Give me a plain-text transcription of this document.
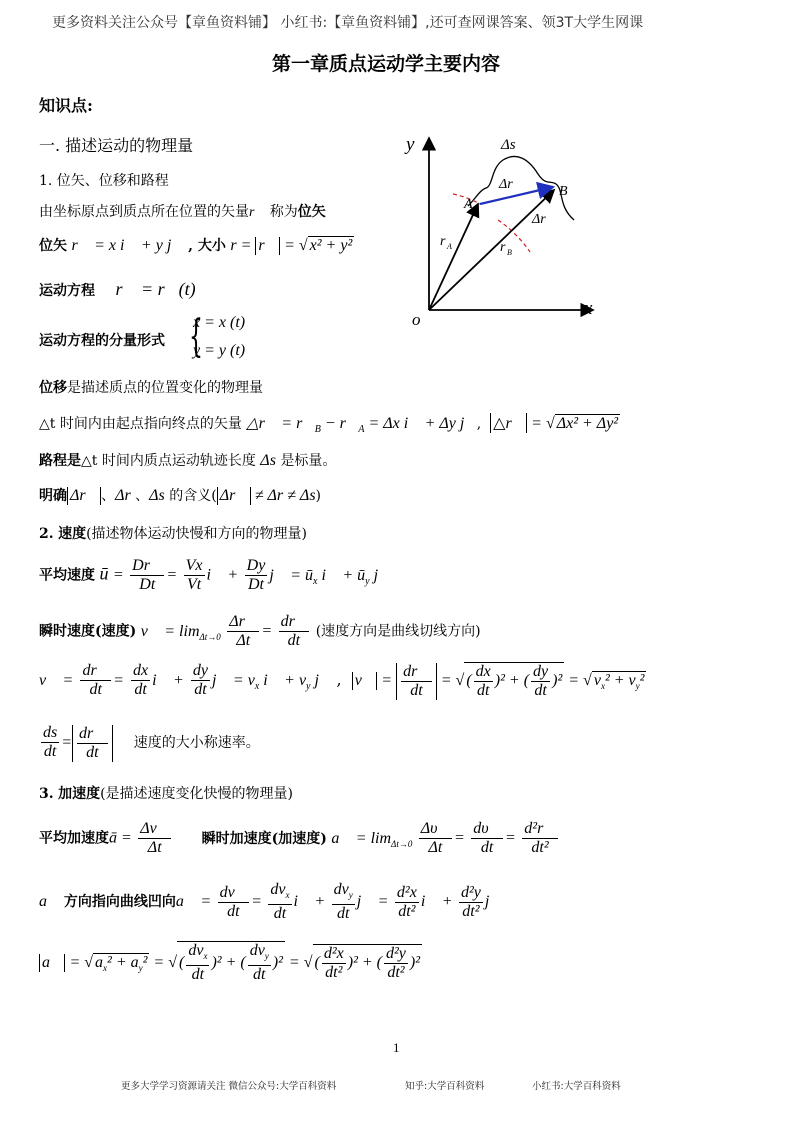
更多资料关注公众号【章鱼资料铺】 小红书:【章鱼资料铺】,还可查网课答案、领3T大学生网课
第一章质点运动学主要内容
知识点:
一. 描述运动的物理量
1. 位矢、位移和路程
由坐标原点到质点所在位置的矢量r⃗ 称为位矢
位矢 r⃗ = x i⃗ + y j⃗ , 大小 r = r⃗ = √ x² + y²
运动方程 r⃗ = r⃗(t)
运动方程的分量形式 {
x = x (t)
y = y (t)
位移是描述质点的位置变化的物理量
△t 时间内由起点指向终点的矢量 △r⃗ = $r⃗_B$ − $r⃗_A = \Delta x$ i⃗ + Δy j⃗,  △r⃗ = √ Δx² + Δy²
路程是△t 时间内质点运动轨迹长度 Δs 是标量。
明确 Δr⃗ 、Δr 、Δs 的含义( Δr⃗ ≠ Δr ≠ Δs)
2. 速度(描述物体运动快慢和方向的物理量)
平均速度 ū = $\frac{Dr⃗}{Dt} = \frac{Vx}{Vt}$ i⃗ + $\frac{Dy}{Dt}$ j⃗ = $ū_x$ i⃗ + $ū_y$ j⃗
瞬时速度(速度) v⃗ = $\lim_{\Delta t\to 0} \frac{\Delta r⃗}{\Delta t} = \frac{dr⃗}{dt}$ (速度方向是曲线切线方向)
v⃗ = $\frac{dr⃗}{dt} = \frac{dx}{dt}$ i⃗ + $\frac{dy}{dt}$ j⃗ = $v_x$ i⃗ + $v_y$ j⃗ ,  v⃗ = $\frac{dr⃗}{dt}$ = √ ( $\frac{dx}{dt} )^2$ + ( $\frac{dy}{dt} )^2$ = √ $v_x^2 + v_y^2$
$\frac{ds}{dt} = \frac{dr⃗}{dt}$ 速度的大小称速率。
3. 加速度(是描述速度变化快慢的物理量)
平均加速度ā = $\frac{\Delta v⃗}{\Delta t}$ 瞬时加速度(加速度) a⃗ = $\lim_{\Delta t\to 0} \frac{\Delta\upsilon⃗}{\Delta t} = \frac{d\upsilon⃗}{dt} = \frac{\text{d²r⃗}}{\text{dt²}}$
a⃗ 方向指向曲线凹向a⃗ = $\frac{dv⃗}{dt} = \frac{dv_x}{dt}$ i⃗ + $\frac{dv_y}{dt}$ j⃗ = $\frac{\text{d²x}}{\text{dt²}}$ i⃗ + $\frac{\text{d²y}}{\text{dt²}}$ j⃗
a⃗ = √ $a_x^2 + a_y^2$ = √ ( $\frac{dv_x}{dt} )^2$ + ( $\frac{dv_y}{dt} )^2$ = √ ( $\frac{\text{d²x}}{\text{dt²}} )^2$ + ( $\frac{\text{d²y}}{\text{dt²}} )^2$
y
x
o
Δs
Δr
Δr
A
B
r A	r B
1
更多大学学习资源请关注 微信公众号:大学百科资料	知乎:大学百科资料	小红书:大学百科资料
